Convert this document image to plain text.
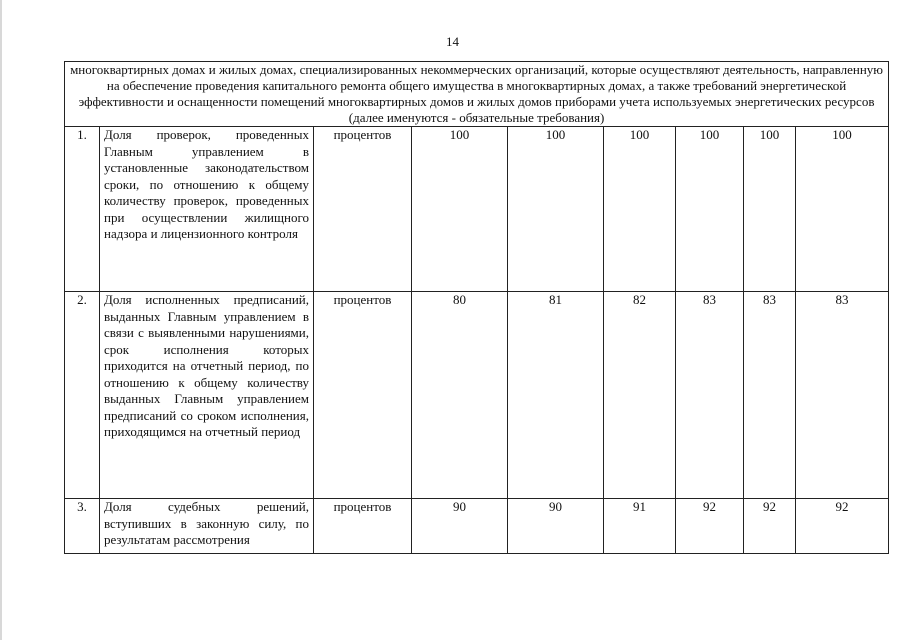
14
многоквартирных домах и жилых домах, специализированных некоммерческих организаций, которые осуществляют деятельность, направленную на обеспечение проведения капитального ремонта общего имущества в многоквартирных домах, а также требований энергетической эффективности и оснащенности помещений многоквартирных домов и жилых домов приборами учета используемых энергетических ресурсов (далее именуются - обязательные требования)								
1.	Доля проверок, проведенных Главным управлением в установленные законодательством сроки, по отношению к общему количеству проверок, проведенных при осуществлении жилищного надзора и лицензионного контроля	процентов	100	100	100	100	100	100
2.	Доля исполненных предписаний, выданных Главным управлением в связи с выявленными нарушениями, срок исполнения которых приходится на отчетный период, по отношению к общему количеству выданных Главным управлением предписаний со сроком исполнения, приходящимся на отчетный период	процентов	80	81	82	83	83	83
3.	Доля судебных решений, вступивших в законную силу, по результатам рассмотрения	процентов	90	90	91	92	92	92
